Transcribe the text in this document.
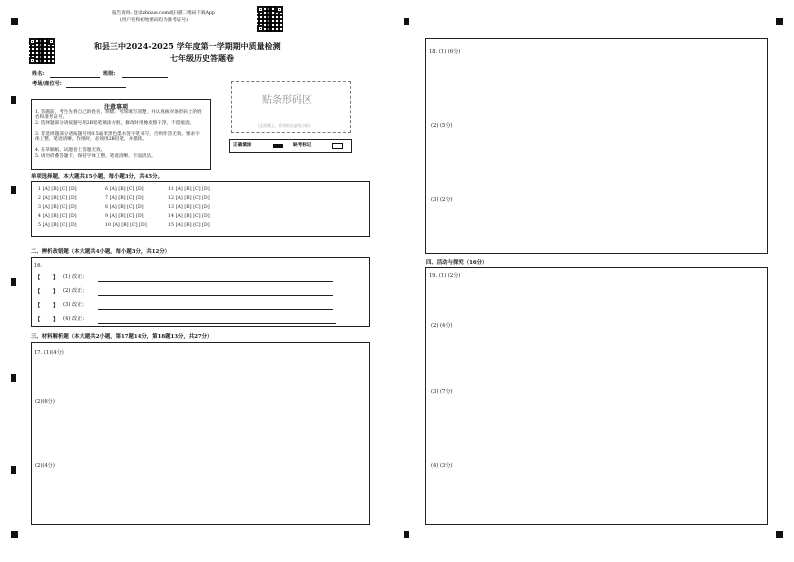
报告查询: 登录zhixue.com或扫描二维码下载App
(用户名和初始密码均为准考证号)
和县三中2024-2025 学年度第一学期期中质量检测
七年级历史答题卷
姓名:	班级:
考场/座位号:
注意事项
1. 答题前，考生先将自己的姓名、班级、考场填写清楚，并认真核对条形码上的姓名和准考证号。
2. 选择题部分请按题号用2B铅笔填涂方框，修改时用橡皮擦干净，不留痕迹。
3. 非选择题部分请按题号用0.5毫米黑色墨水签字笔书写，否则作答无效。要求字体工整、笔迹清晰。作图时，必须用2B铅笔，并描浓。
4. 在草稿纸、试题卷上答题无效。
5. 请勿折叠答题卡，保持字体工整、笔迹清晰、卡面清洁。
贴条形码区
(正面朝上，切勿贴出虚线方框)
正确填涂	缺考标记
单项选择题，本大题共15小题，每小题3分，共45分。
1 [A] [B] [C] [D]
2 [A] [B] [C] [D]
3 [A] [B] [C] [D]
4 [A] [B] [C] [D]
5 [A] [B] [C] [D]
6 [A] [B] [C] [D]
7 [A] [B] [C] [D]
8 [A] [B] [C] [D]
9 [A] [B] [C] [D]
10 [A] [B] [C] [D]
11 [A] [B] [C] [D]
12 [A] [B] [C] [D]
13 [A] [B] [C] [D]
14 [A] [B] [C] [D]
15 [A] [B] [C] [D]
二、辨析改错题（本大题共4小题，每小题3分，共12分）
16.
【 】 (1) 改正:
【 】 (2) 改正:
【 】 (3) 改正:
【 】 (4) 改正:
三、材料解析题（本大题共2小题，第17题14分，第18题13分，共27分）
17. (1)(4分)
(2)(6分)
(2)(4分)
18. (1) (6分)
(2) (5分)
(3) (2分)
四、活动与探究（16分）
19. (1) (2分)
(2) (4分)
(3) (7分)
(4) (3分)
